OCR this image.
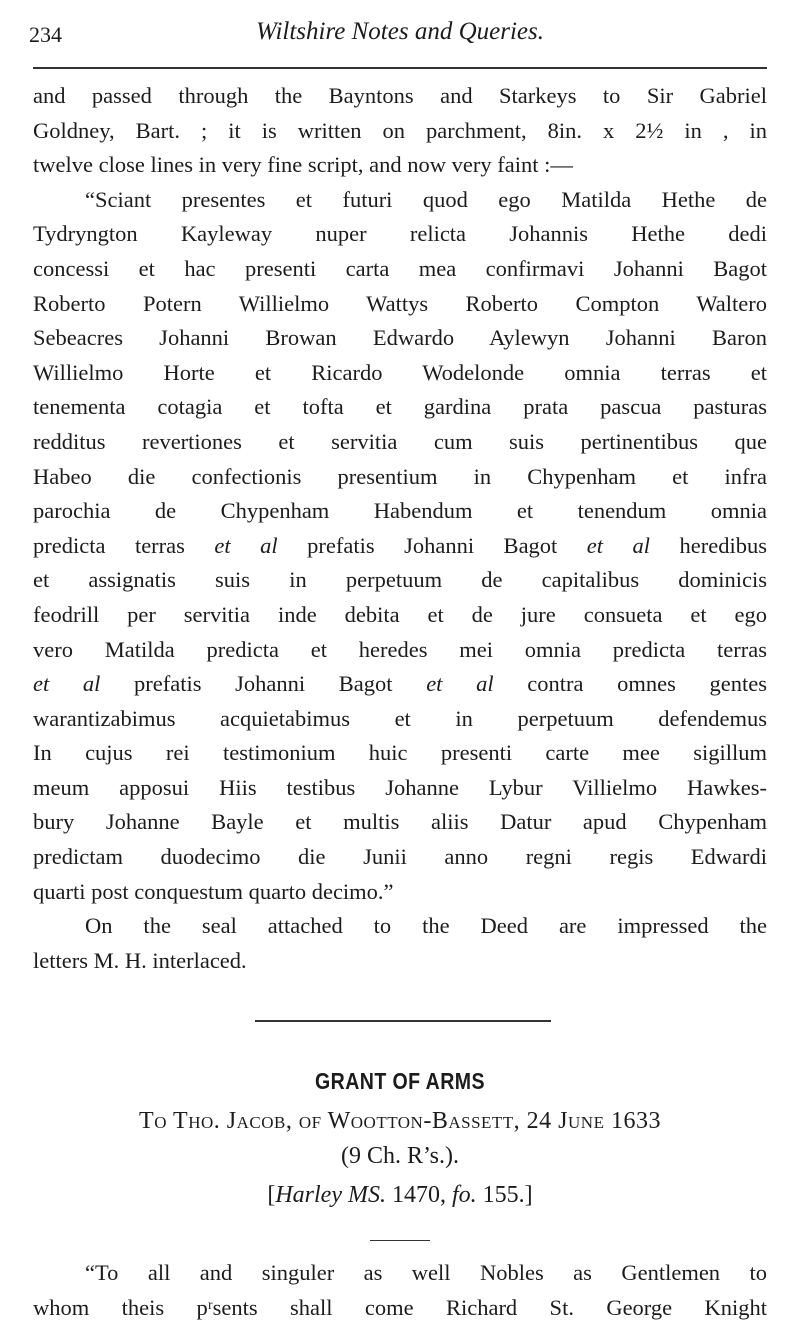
234	Wiltshire Notes and Queries.
and passed through the Bayntons and Starkeys to Sir Gabriel
Goldney, Bart. ; it is written on parchment, 8in. x 2½ in , in
twelve close lines in very fine script, and now very faint :—
“Sciant presentes et futuri quod ego Matilda Hethe de
Tydryngton Kayleway nuper relicta Johannis Hethe dedi
concessi et hac presenti carta mea confirmavi Johanni Bagot
Roberto Potern Willielmo Wattys Roberto Compton Waltero
Sebeacres Johanni Browan Edwardo Aylewyn Johanni Baron
Willielmo Horte et Ricardo Wodelonde omnia terras et
tenementa cotagia et tofta et gardina prata pascua pasturas
redditus revertiones et servitia cum suis pertinentibus que
Habeo die confectionis presentium in Chypenham et infra
parochia de Chypenham Habendum et tenendum omnia
predicta terras et al prefatis Johanni Bagot et al heredibus
et assignatis suis in perpetuum de capitalibus dominicis
feodrill per servitia inde debita et de jure consueta et ego
vero Matilda predicta et heredes mei omnia predicta terras
et al prefatis Johanni Bagot et al contra omnes gentes
warantizabimus acquietabimus et in perpetuum defendemus
In cujus rei testimonium huic presenti carte mee sigillum
meum apposui Hiis testibus Johanne Lybur Villielmo Hawkes-
bury Johanne Bayle et multis aliis Datur apud Chypenham
predictam duodecimo die Junii anno regni regis Edwardi
quarti post conquestum quarto decimo.”
On the seal attached to the Deed are impressed the
letters M. H. interlaced.
GRANT OF ARMS
To Tho. Jacob, of Wootton-Bassett, 24 June 1633
(9 Ch. R’s.).
[Harley MS. 1470, fo. 155.]
“To all and singuler as well Nobles as Gentlemen to
whom theis pʳsents shall come Richard St. George Knight
